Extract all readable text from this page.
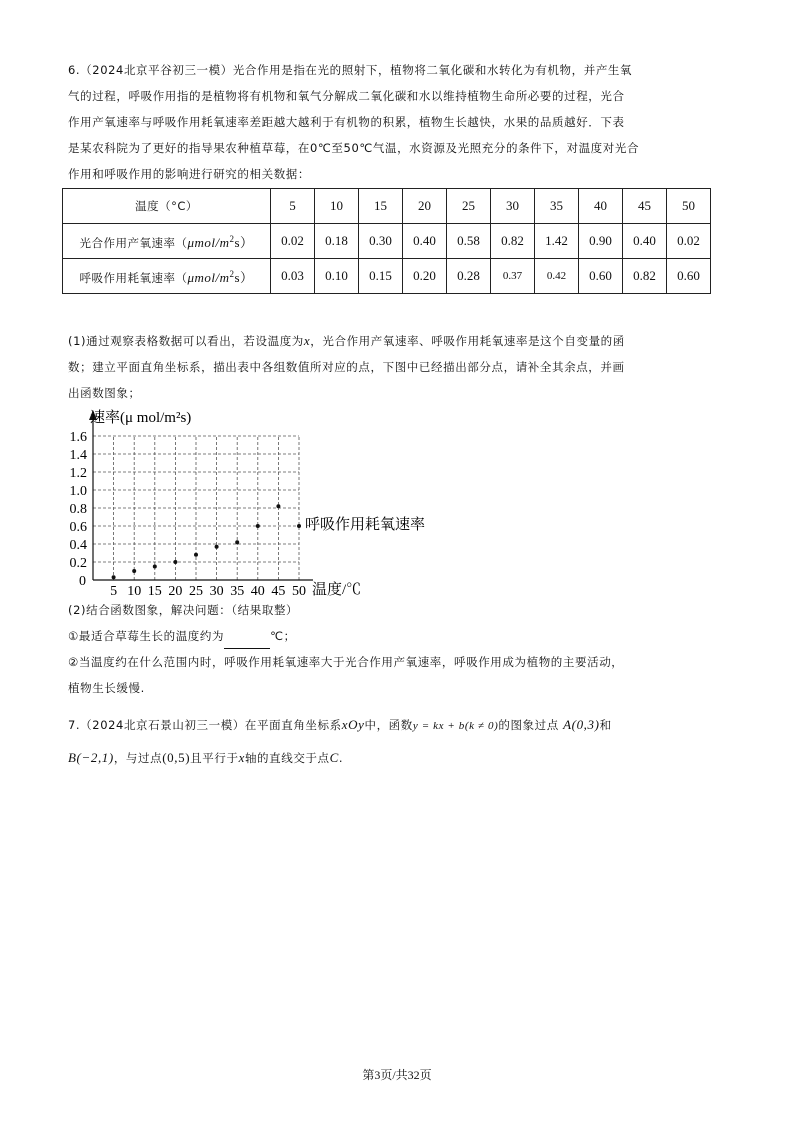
6.（2024北京平谷初三一模）光合作用是指在光的照射下，植物将二氧化碳和水转化为有机物，并产生氧
气的过程，呼吸作用指的是植物将有机物和氧气分解成二氧化碳和水以维持植物生命所必要的过程，光合
作用产氧速率与呼吸作用耗氧速率差距越大越利于有机物的积累，植物生长越快，水果的品质越好．下表
是某农科院为了更好的指导果农种植草莓，在0℃至50℃气温，水资源及光照充分的条件下，对温度对光合
作用和呼吸作用的影响进行研究的相关数据：
温度（°C）	5	10	15	20	25	30	35	40	45	50
光合作用产氧速率$(\mu mol/m^2s)$	0.02	0.18	0.30	0.40	0.58	0.82	1.42	0.90	0.40	0.02
呼吸作用耗氧速率$(\mu mol/m^2s)$	0.03	0.10	0.15	0.20	0.28	0.37	0.42	0.60	0.82	0.60
(1)通过观察表格数据可以看出，若设温度为x，光合作用产氧速率、呼吸作用耗氧速率是这个自变量的函
数；建立平面直角坐标系，描出表中各组数值所对应的点，下图中已经描出部分点，请补全其余点，并画
出函数图象；
5 10 15 20 25 30 35 40 45 50
0.2
0.4
0.6
0.8
1.0
1.2
1.4
1.6
速率(μ mol/m²s)
温度/℃
呼吸作用耗氧速率
0
(2)结合函数图象，解决问题：（结果取整）
①最适合草莓生长的温度约为	℃；
②当温度约在什么范围内时，呼吸作用耗氧速率大于光合作用产氧速率，呼吸作用成为植物的主要活动，
植物生长缓慢.
7.（2024北京石景山初三一模）在平面直角坐标系xOy中，函数y = kx + b(k ≠ 0)的图象过点 A(0,3)和
B(−2,1)，与过点(0,5)且平行于x轴的直线交于点C.
第3页/共32页
